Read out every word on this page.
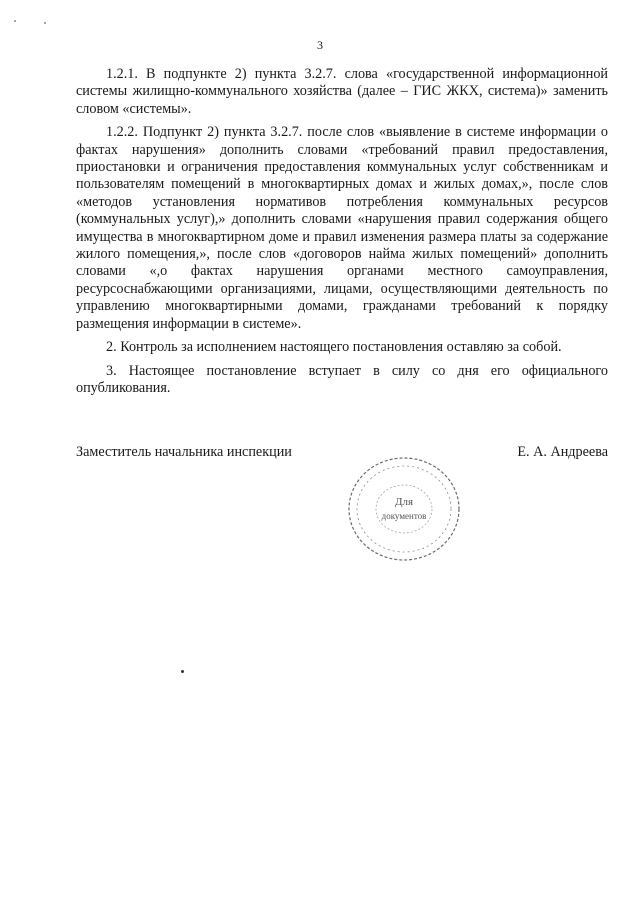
3

1.2.1. В подпункте 2) пункта 3.2.7. слова «государственной информационной системы жилищно-коммунального хозяйства (далее – ГИС ЖКХ, система)» заменить словом «системы».

1.2.2. Подпункт 2) пункта 3.2.7. после слов «выявление в системе информации о фактах нарушения» дополнить словами «требований правил предоставления, приостановки и ограничения предоставления коммунальных услуг собственникам и пользователям помещений в многоквартирных домах и жилых домах,», после слов «методов установления нормативов потребления коммунальных ресурсов (коммунальных услуг),» дополнить словами «нарушения правил содержания общего имущества в многоквартирном доме и правил изменения размера платы за содержание жилого помещения,», после слов «договоров найма жилых помещений» дополнить словами «,о фактах нарушения органами местного самоуправления, ресурсоснабжающими организациями, лицами, осуществляющими деятельность по управлению многоквартирными домами, гражданами требований к порядку размещения информации в системе».

2. Контроль за исполнением настоящего постановления оставляю за собой.

3. Настоящее постановление вступает в силу со дня его официального опубликования.

Заместитель начальника инспекции	Е. А. Андреева
Для
документов
